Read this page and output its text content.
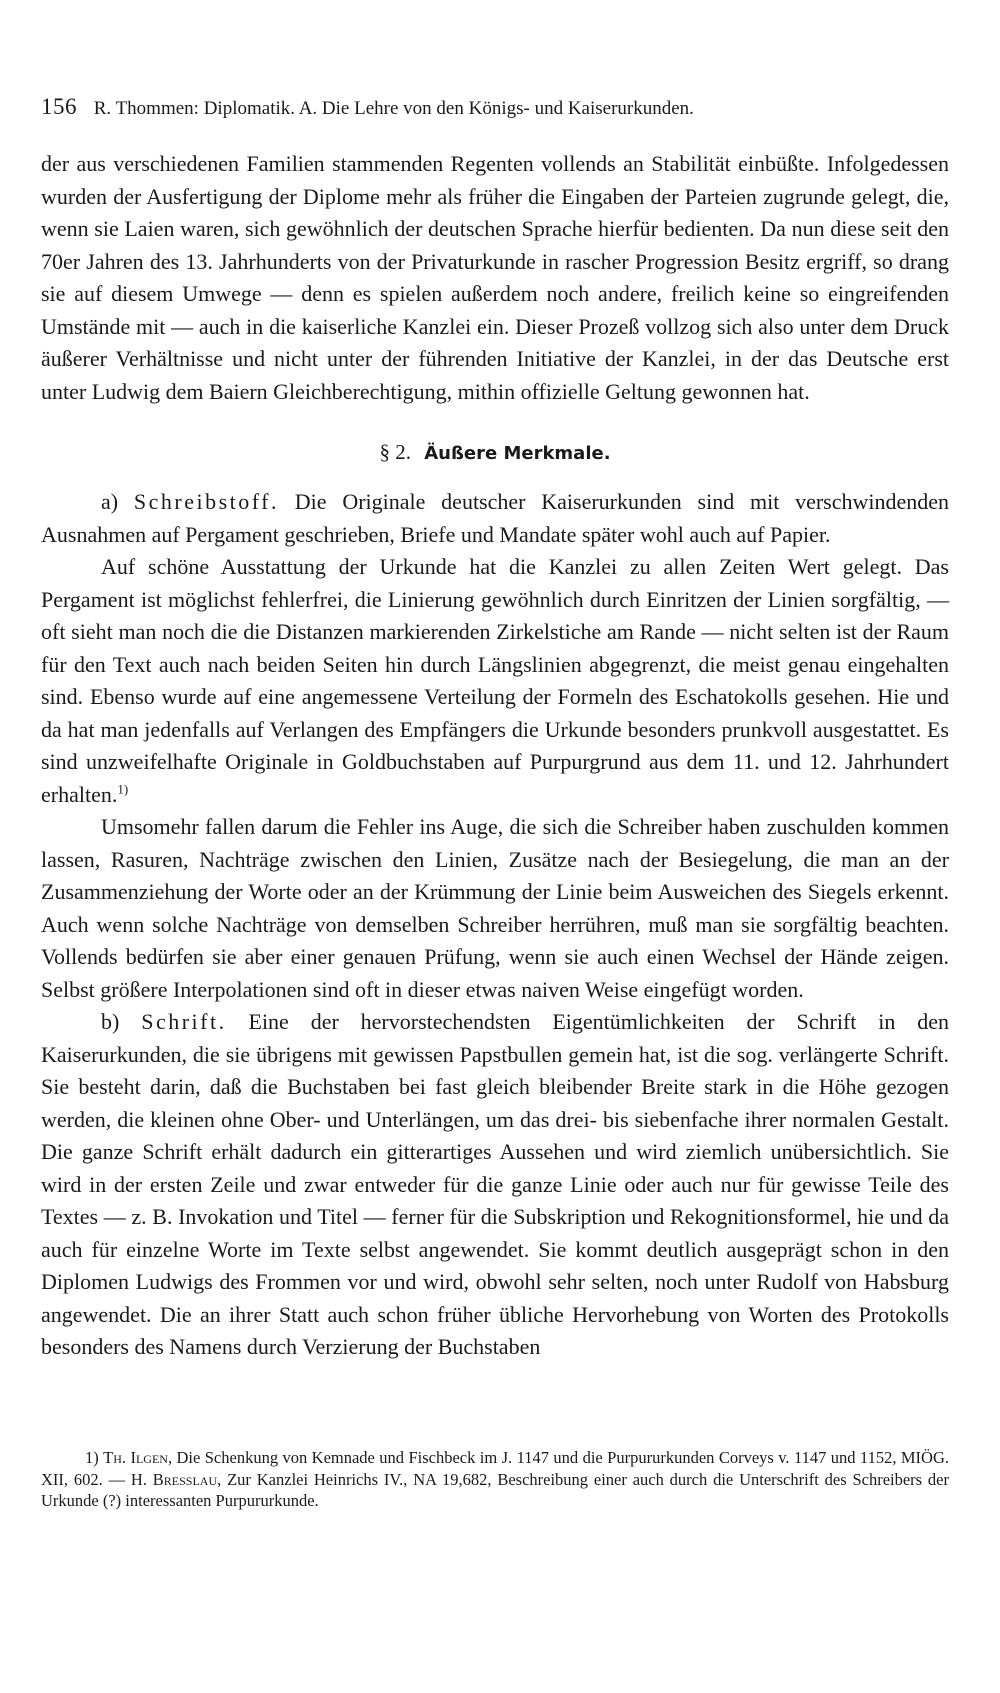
156 R. Thommen: Diplomatik. A. Die Lehre von den Königs- und Kaiserurkunden.

der aus verschiedenen Familien stammenden Regenten vollends an Stabilität einbüßte. Infolgedessen wurden der Ausfertigung der Diplome mehr als früher die Eingaben der Parteien zugrunde gelegt, die, wenn sie Laien waren, sich gewöhnlich der deutschen Sprache hierfür bedienten. Da nun diese seit den 70er Jahren des 13. Jahrhunderts von der Privaturkunde in rascher Progression Besitz ergriff, so drang sie auf diesem Umwege — denn es spielen außerdem noch andere, freilich keine so eingreifenden Umstände mit — auch in die kaiserliche Kanzlei ein. Dieser Prozeß vollzog sich also unter dem Druck äußerer Verhältnisse und nicht unter der führenden Initiative der Kanzlei, in der das Deutsche erst unter Ludwig dem Baiern Gleichberechtigung, mithin offizielle Geltung gewonnen hat.

§ 2. Äußere Merkmale.

a) Schreibstoff. Die Originale deutscher Kaiserurkunden sind mit verschwindenden Ausnahmen auf Pergament geschrieben, Briefe und Mandate später wohl auch auf Papier.

Auf schöne Ausstattung der Urkunde hat die Kanzlei zu allen Zeiten Wert gelegt. Das Pergament ist möglichst fehlerfrei, die Linierung gewöhnlich durch Einritzen der Linien sorgfältig, — oft sieht man noch die die Distanzen markierenden Zirkelstiche am Rande — nicht selten ist der Raum für den Text auch nach beiden Seiten hin durch Längslinien abgegrenzt, die meist genau eingehalten sind. Ebenso wurde auf eine angemessene Verteilung der Formeln des Eschatokolls gesehen. Hie und da hat man jedenfalls auf Verlangen des Empfängers die Urkunde besonders prunkvoll ausgestattet. Es sind unzweifelhafte Originale in Goldbuchstaben auf Purpurgrund aus dem 11. und 12. Jahrhundert erhalten.$^{1)}$

Umsomehr fallen darum die Fehler ins Auge, die sich die Schreiber haben zuschulden kommen lassen, Rasuren, Nachträge zwischen den Linien, Zusätze nach der Besiegelung, die man an der Zusammenziehung der Worte oder an der Krümmung der Linie beim Ausweichen des Siegels erkennt. Auch wenn solche Nachträge von demselben Schreiber herrühren, muß man sie sorgfältig beachten. Vollends bedürfen sie aber einer genauen Prüfung, wenn sie auch einen Wechsel der Hände zeigen. Selbst größere Interpolationen sind oft in dieser etwas naiven Weise eingefügt worden.

b) Schrift. Eine der hervorstechendsten Eigentümlichkeiten der Schrift in den Kaiserurkunden, die sie übrigens mit gewissen Papstbullen gemein hat, ist die sog. verlängerte Schrift. Sie besteht darin, daß die Buchstaben bei fast gleich bleibender Breite stark in die Höhe gezogen werden, die kleinen ohne Ober- und Unterlängen, um das drei- bis siebenfache ihrer normalen Gestalt. Die ganze Schrift erhält dadurch ein gitterartiges Aussehen und wird ziemlich unübersichtlich. Sie wird in der ersten Zeile und zwar entweder für die ganze Linie oder auch nur für gewisse Teile des Textes — z. B. Invokation und Titel — ferner für die Subskription und Rekognitionsformel, hie und da auch für einzelne Worte im Texte selbst angewendet. Sie kommt deutlich ausgeprägt schon in den Diplomen Ludwigs des Frommen vor und wird, obwohl sehr selten, noch unter Rudolf von Habsburg angewendet. Die an ihrer Statt auch schon früher übliche Hervorhebung von Worten des Protokolls besonders des Namens durch Verzierung der Buchstaben

1) Th. Ilgen, Die Schenkung von Kemnade und Fischbeck im J. 1147 und die Purpururkunden Corveys v. 1147 und 1152, MIÖG. XII, 602. — H. Bresslau, Zur Kanzlei Heinrichs IV., NA 19,682, Beschreibung einer auch durch die Unterschrift des Schreibers der Urkunde (?) interessanten Purpururkunde.
